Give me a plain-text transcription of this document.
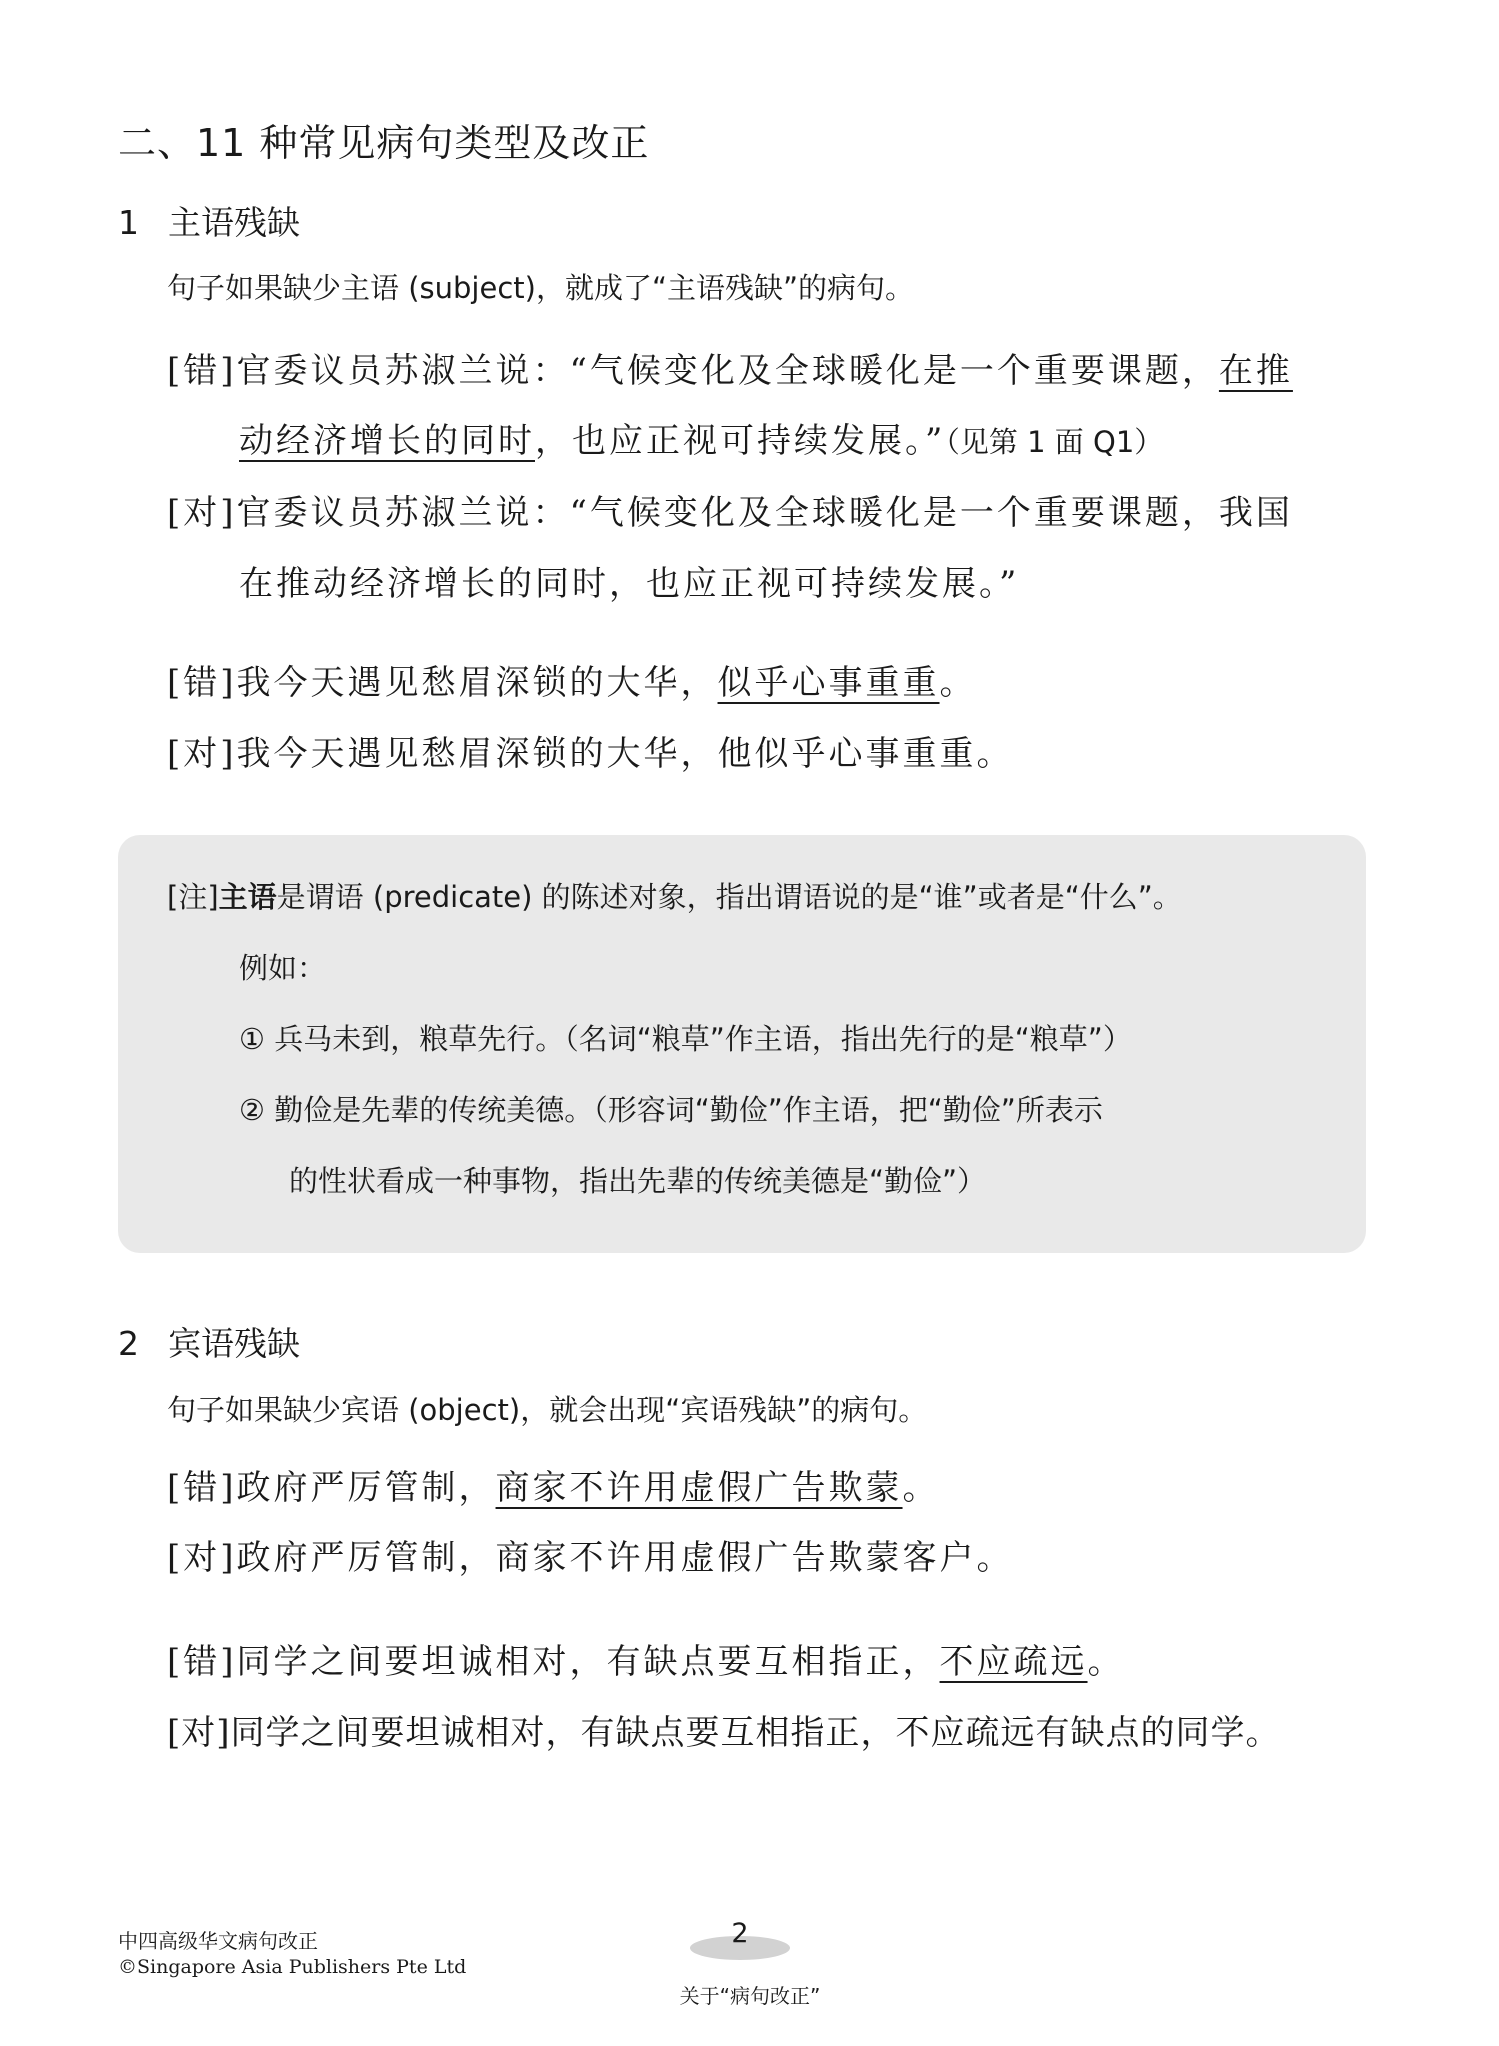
二、11 种常见病句类型及改正
1 主语残缺
句子如果缺少主语 (subject)，就成了“主语残缺”的病句。
[错]官委议员苏淑兰说：“气候变化及全球暖化是一个重要课题，在推
动经济增长的同时，也应正视可持续发展。”（见第 1 面 Q1）
[对]官委议员苏淑兰说：“气候变化及全球暖化是一个重要课题，我国
在推动经济增长的同时，也应正视可持续发展。”
[错]我今天遇见愁眉深锁的大华，似乎心事重重。
[对]我今天遇见愁眉深锁的大华，他似乎心事重重。
[注]主语是谓语 (predicate) 的陈述对象，指出谓语说的是“谁”或者是“什么”。
例如：
① 兵马未到，粮草先行。（名词“粮草”作主语，指出先行的是“粮草”）
② 勤俭是先辈的传统美德。（形容词“勤俭”作主语，把“勤俭”所表示
的性状看成一种事物，指出先辈的传统美德是“勤俭”）
2 宾语残缺
句子如果缺少宾语 (object)，就会出现“宾语残缺”的病句。
[错]政府严厉管制，商家不许用虚假广告欺蒙。
[对]政府严厉管制，商家不许用虚假广告欺蒙客户。
[错]同学之间要坦诚相对，有缺点要互相指正，不应疏远。
[对]同学之间要坦诚相对，有缺点要互相指正，不应疏远有缺点的同学。
中四高级华文病句改正
©Singapore Asia Publishers Pte Ltd
2
关于“病句改正”
